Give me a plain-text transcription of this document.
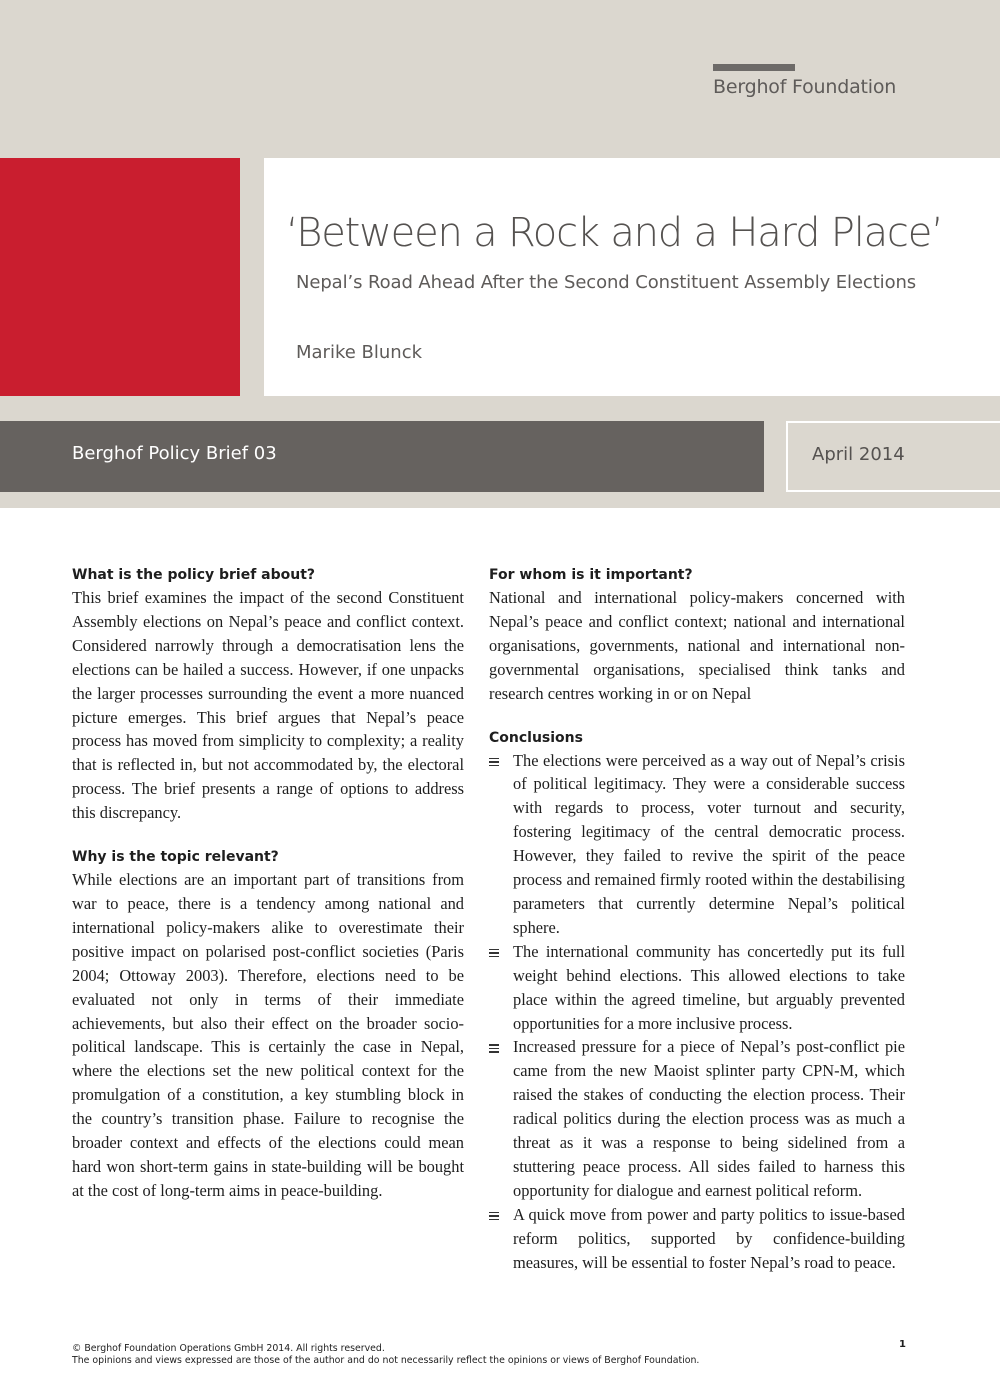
Berghof Foundation
‘Between a Rock and a Hard Place’
Nepal’s Road Ahead After the Second Constituent Assembly Elections
Marike Blunck
Berghof Policy Brief 03	April 2014
What is the policy brief about?

This brief examines the impact of the second Constituent Assembly elections on Nepal’s peace and conflict context. Considered narrowly through a democratisation lens the elections can be hailed a success. However, if one unpacks the larger processes surrounding the event a more nuanced picture emerges. This brief argues that Nepal’s peace process has moved from simplicity to complexity; a reality that is reflected in, but not accommodated by, the electoral process. The brief presents a range of options to address this discrepancy.

Why is the topic relevant?

While elections are an important part of transitions from war to peace, there is a tendency among national and international policy-makers alike to overestimate their positive impact on polarised post-conflict societies (Paris 2004; Ottoway 2003). Therefore, elections need to be evaluated not only in terms of their immediate achievements, but also their effect on the broader socio-political landscape. This is certainly the case in Nepal, where the elections set the new political context for the promulgation of a constitution, a key stumbling block in the country’s transition phase. Failure to recognise the broader context and effects of the elections could mean hard won short-term gains in state-building will be bought at the cost of long-term aims in peace-building.

For whom is it important?

National and international policy-makers concerned with Nepal’s peace and conflict context; national and international organisations, governments, national and international non-governmental organisations, specialised think tanks and research centres working in or on Nepal

Conclusions
The elections were perceived as a way out of Nepal’s crisis of political legitimacy. They were a considerable success with regards to process, voter turnout and security, fostering legitimacy of the central democratic process. However, they failed to revive the spirit of the peace process and remained firmly rooted within the destabilising parameters that currently determine Nepal’s political sphere.
The international community has concertedly put its full weight behind elections. This allowed elections to take place within the agreed timeline, but arguably prevented opportunities for a more inclusive process.
Increased pressure for a piece of Nepal’s post-conflict pie came from the new Maoist splinter party CPN-M, which raised the stakes of conducting the election process. Their radical politics during the election process was as much a threat as it was a response to being sidelined from a stuttering peace process. All sides failed to harness this opportunity for dialogue and earnest political reform.
A quick move from power and party politics to issue-based reform politics, supported by confidence-building measures, will be essential to foster Nepal’s road to peace.
© Berghof Foundation Operations GmbH 2014. All rights reserved.
The opinions and views expressed are those of the author and do not necessarily reflect the opinions or views of Berghof Foundation.
1
